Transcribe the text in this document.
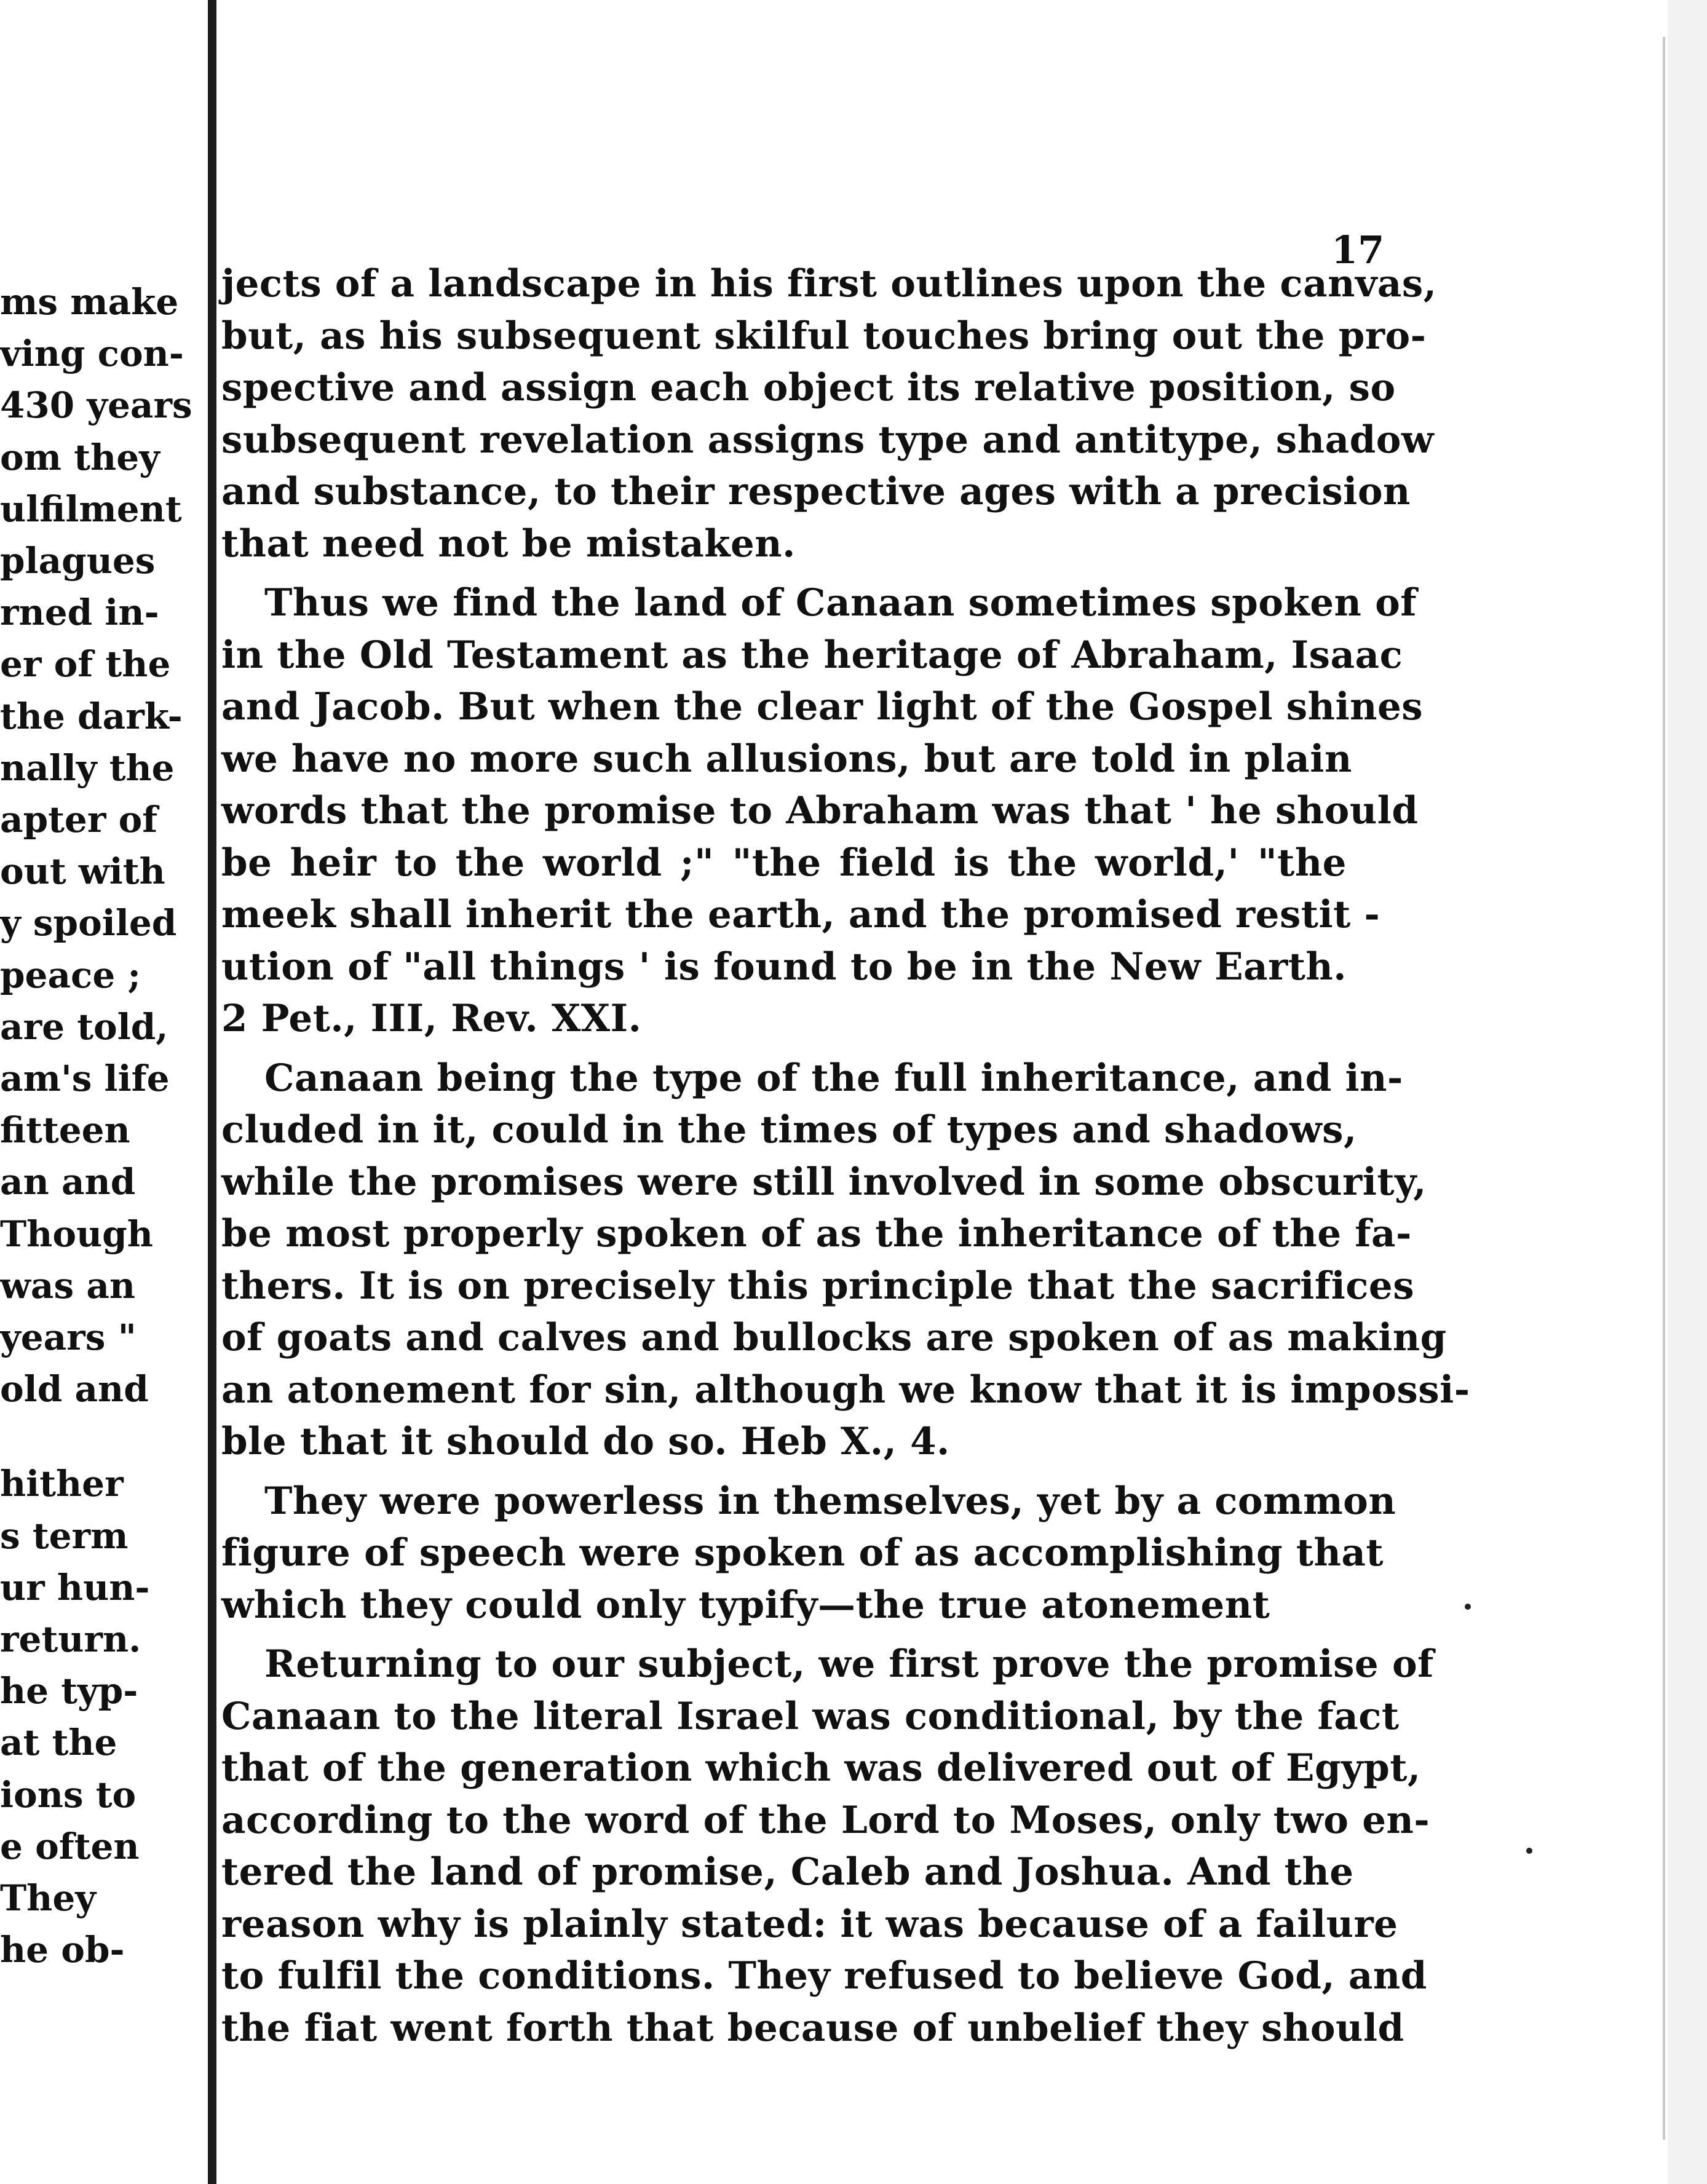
ms make
ving con-
430 years
om they
ulfilment
plagues
rned in-
er of the
the dark-
nally the
apter of
out with
y spoiled
peace ;
are told,
am's life
fitteen
an and
Though
was an
years "
old and
hither
s term
ur hun-
return.
he typ-
at the
ions to
e often
They
he ob-
17
jects of a landscape in his first outlines upon the canvas,
but, as his subsequent skilful touches bring out the pro-
spective and assign each object its relative position, so
subsequent revelation assigns type and antitype, shadow
and substance, to their respective ages with a precision
that need not be mistaken.
Thus we find the land of Canaan sometimes spoken of
in the Old Testament as the heritage of Abraham, Isaac
and Jacob. But when the clear light of the Gospel shines
we have no more such allusions, but are told in plain
words that the promise to Abraham was that ' he should
be heir to the world ;" "the field is the world,' "the
meek shall inherit the earth, and the promised restit -
ution of "all things ' is found to be in the New Earth.
2 Pet., III, Rev. XXI.
Canaan being the type of the full inheritance, and in-
cluded in it, could in the times of types and shadows,
while the promises were still involved in some obscurity,
be most properly spoken of as the inheritance of the fa-
thers. It is on precisely this principle that the sacrifices
of goats and calves and bullocks are spoken of as making
an atonement for sin, although we know that it is impossi-
ble that it should do so. Heb X., 4.
They were powerless in themselves, yet by a common
figure of speech were spoken of as accomplishing that
which they could only typify—the true atonement
Returning to our subject, we first prove the promise of
Canaan to the literal Israel was conditional, by the fact
that of the generation which was delivered out of Egypt,
according to the word of the Lord to Moses, only two en-
tered the land of promise, Caleb and Joshua. And the
reason why is plainly stated: it was because of a failure
to fulfil the conditions. They refused to believe God, and
the fiat went forth that because of unbelief they should
